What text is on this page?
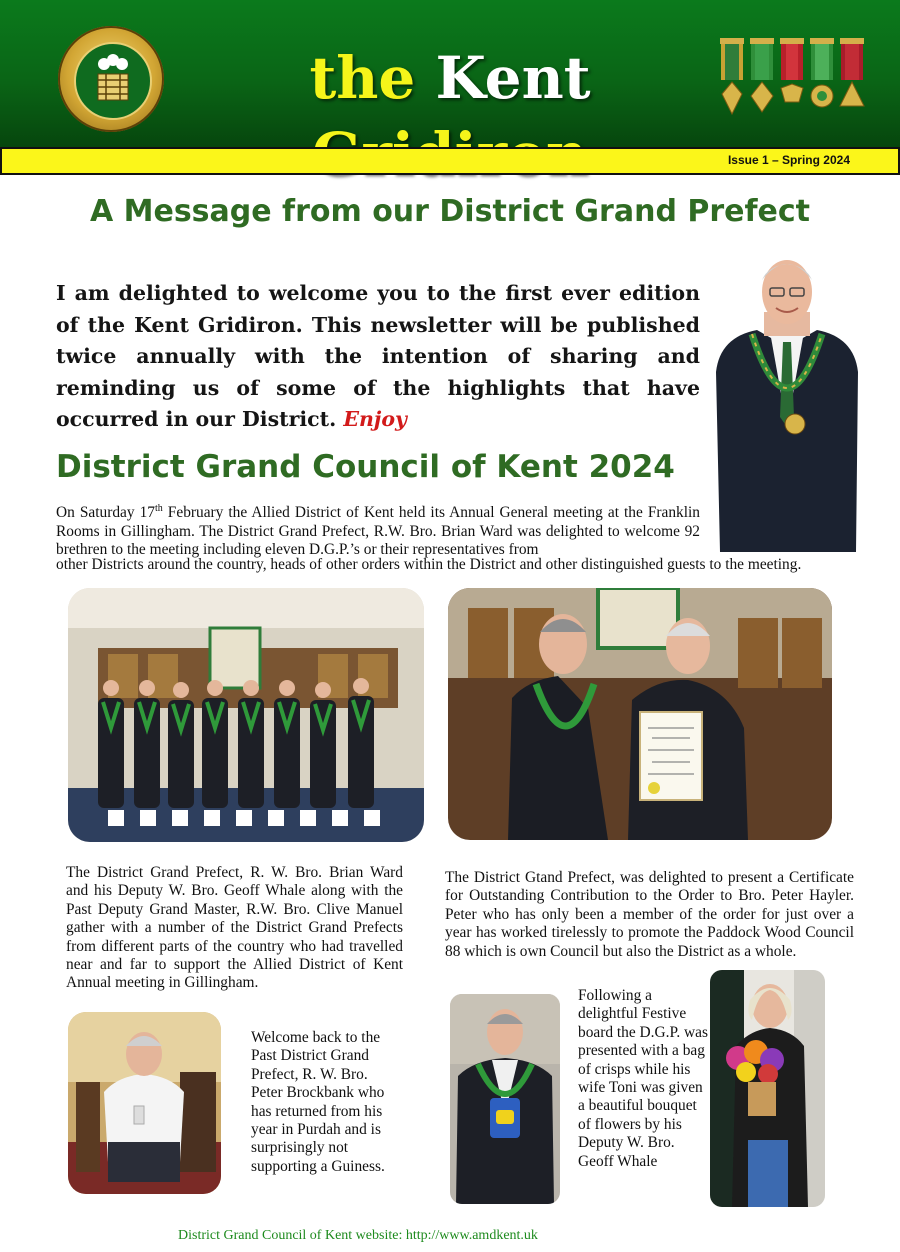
the Kent
Issue 1 – Spring 2024
A Message from our District Grand Prefect
I am delighted to welcome you to the first ever edition of the Kent Gridiron. This newsletter will be published twice annually with the intention of sharing and reminding us of some of the highlights that have occurred in our District. Enjoy
District Grand Council of Kent 2024
On Saturday 17th February the Allied District of Kent held its Annual General meeting at the Franklin Rooms in Gillingham. The District Grand Prefect, R.W. Bro. Brian Ward was delighted to welcome 92 brethren to the meeting including eleven D.G.P.’s or their representatives from
other Districts around the country, heads of other orders within the District and other distinguished guests to the meeting.
The District Grand Prefect, R. W. Bro. Brian Ward and his Deputy W. Bro. Geoff Whale along with the Past Deputy Grand Master, R.W. Bro. Clive Manuel gather with a number of the District Grand Prefects from different parts of the country who had travelled near and far to support the Allied District of Kent Annual meeting in Gillingham.
The District Gtand Prefect, was delighted to present a Certificate for Outstanding Contribution to the Order to Bro. Peter Hayler. Peter who has only been a member of the order for just over a year has worked tirelessly to promote the Paddock Wood Council 88 which is own Council but also the District as a whole.
Welcome back to the Past District Grand Prefect, R. W. Bro. Peter Brockbank who has returned from his year in Purdah and is surprisingly not supporting a Guiness.
Following a delightful Festive board the D.G.P. was presented with a bag of crisps while his wife Toni was given a beautiful bouquet of flowers by his Deputy W. Bro. Geoff Whale
District Grand Council of Kent website: http://www.amdkent.uk
